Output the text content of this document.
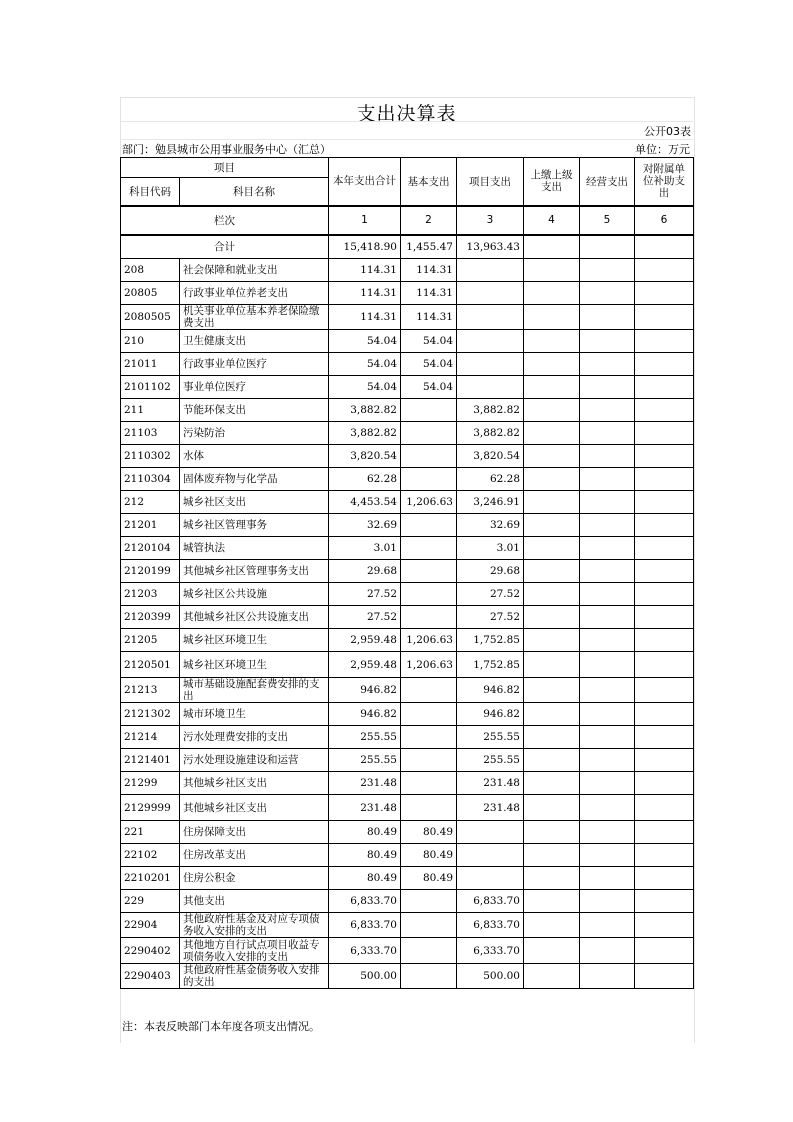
支出决算表
公开03表
部门：勉县城市公用事业服务中心（汇总）	单位：万元
项目		本年支出合计	基本支出	项目支出	上缴上级支出	经营支出	对附属单位补助支出
科目代码	科目名称						
栏次		1	2	3	4	5	6
合计		15,418.90	1,455.47	13,963.43			
208	社会保障和就业支出	114.31	114.31				
20805	行政事业单位养老支出	114.31	114.31				
2080505	机关事业单位基本养老保险缴费支出	114.31	114.31				
210	卫生健康支出	54.04	54.04				
21011	行政事业单位医疗	54.04	54.04				
2101102	事业单位医疗	54.04	54.04				
211	节能环保支出	3,882.82		3,882.82			
21103	污染防治	3,882.82		3,882.82			
2110302	水体	3,820.54		3,820.54			
2110304	固体废弃物与化学品	62.28		62.28			
212	城乡社区支出	4,453.54	1,206.63	3,246.91			
21201	城乡社区管理事务	32.69		32.69			
2120104	城管执法	3.01		3.01			
2120199	其他城乡社区管理事务支出	29.68		29.68			
21203	城乡社区公共设施	27.52		27.52			
2120399	其他城乡社区公共设施支出	27.52		27.52			
21205	城乡社区环境卫生	2,959.48	1,206.63	1,752.85			
2120501	城乡社区环境卫生	2,959.48	1,206.63	1,752.85			
21213	城市基础设施配套费安排的支出	946.82		946.82			
2121302	城市环境卫生	946.82		946.82			
21214	污水处理费安排的支出	255.55		255.55			
2121401	污水处理设施建设和运营	255.55		255.55			
21299	其他城乡社区支出	231.48		231.48			
2129999	其他城乡社区支出	231.48		231.48			
221	住房保障支出	80.49	80.49				
22102	住房改革支出	80.49	80.49				
2210201	住房公积金	80.49	80.49				
229	其他支出	6,833.70		6,833.70			
22904	其他政府性基金及对应专项债务收入安排的支出	6,833.70		6,833.70			
2290402	其他地方自行试点项目收益专项债务收入安排的支出	6,333.70		6,333.70			
2290403	其他政府性基金债务收入安排的支出	500.00		500.00			
注：本表反映部门本年度各项支出情况。
